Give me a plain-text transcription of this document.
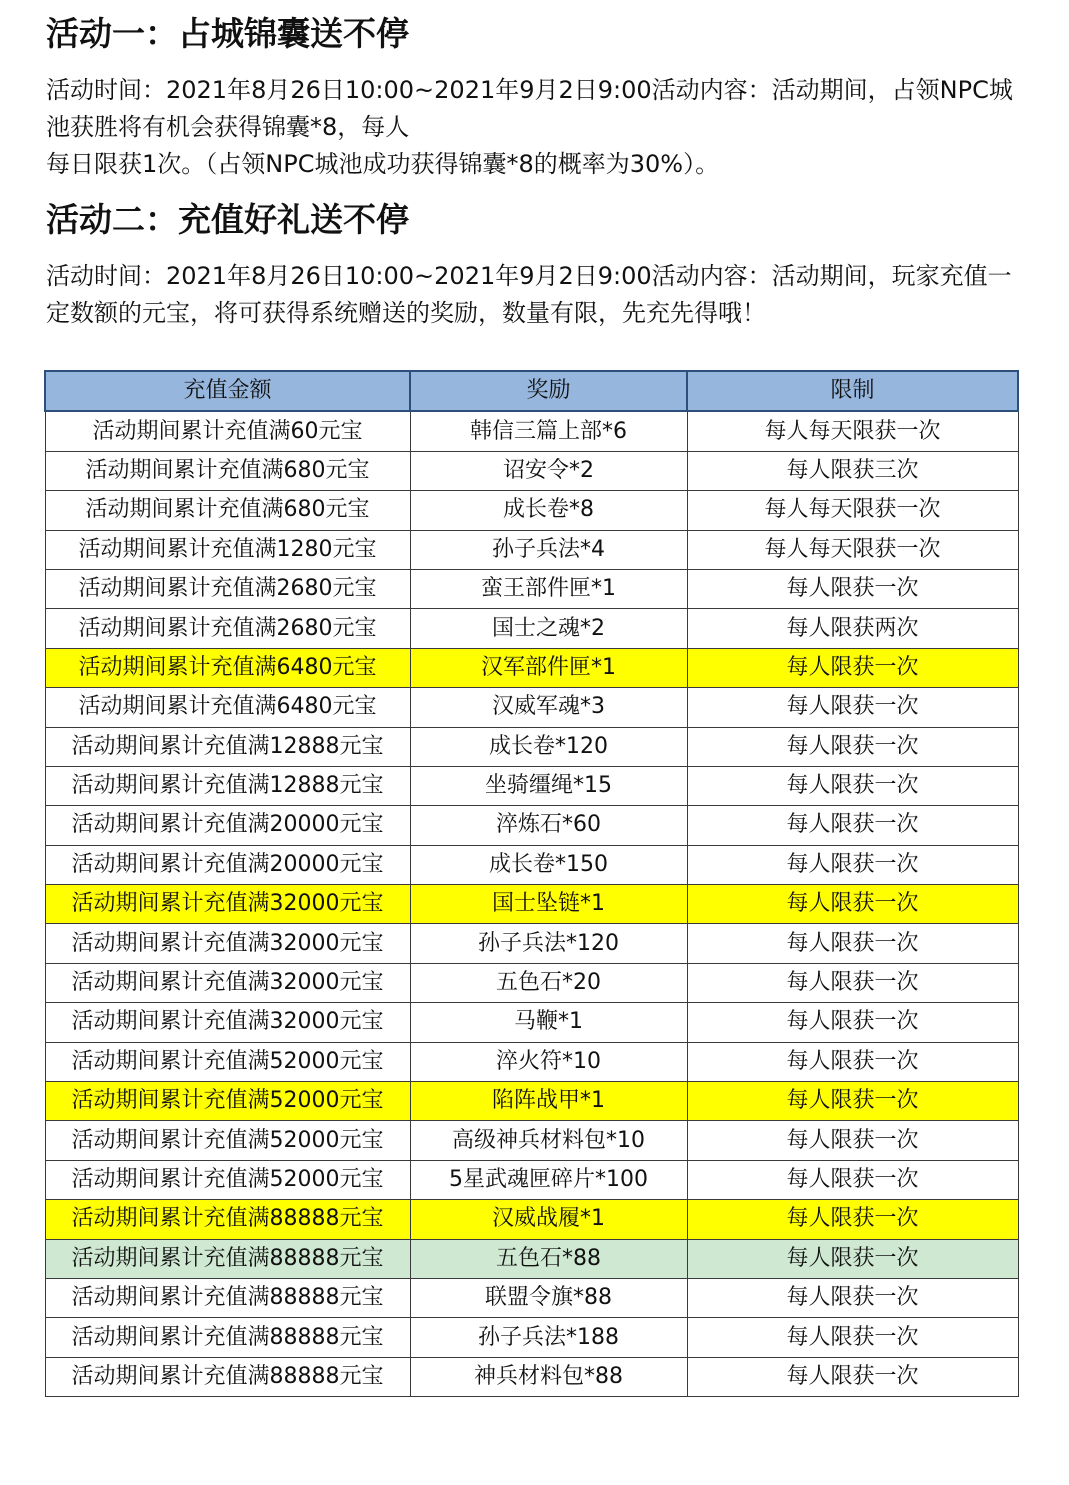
活动一：占城锦囊送不停

活动时间：2021年8月26日10:00~2021年9月2日9:00活动内容：活动期间，占领NPC城
池获胜将有机会获得锦囊*8，每人
每日限获1次。（占领NPC城池成功获得锦囊*8的概率为30%）。

活动二：充值好礼送不停

活动时间：2021年8月26日10:00~2021年9月2日9:00活动内容：活动期间，玩家充值一
定数额的元宝，将可获得系统赠送的奖励，数量有限，先充先得哦！

充值金额	奖励	限制
活动期间累计充值满60元宝	韩信三篇上部*6	每人每天限获一次
活动期间累计充值满680元宝	诏安令*2	每人限获三次
活动期间累计充值满680元宝	成长卷*8	每人每天限获一次
活动期间累计充值满1280元宝	孙子兵法*4	每人每天限获一次
活动期间累计充值满2680元宝	蛮王部件匣*1	每人限获一次
活动期间累计充值满2680元宝	国士之魂*2	每人限获两次
活动期间累计充值满6480元宝	汉军部件匣*1	每人限获一次
活动期间累计充值满6480元宝	汉威军魂*3	每人限获一次
活动期间累计充值满12888元宝	成长卷*120	每人限获一次
活动期间累计充值满12888元宝	坐骑缰绳*15	每人限获一次
活动期间累计充值满20000元宝	淬炼石*60	每人限获一次
活动期间累计充值满20000元宝	成长卷*150	每人限获一次
活动期间累计充值满32000元宝	国士坠链*1	每人限获一次
活动期间累计充值满32000元宝	孙子兵法*120	每人限获一次
活动期间累计充值满32000元宝	五色石*20	每人限获一次
活动期间累计充值满32000元宝	马鞭*1	每人限获一次
活动期间累计充值满52000元宝	淬火符*10	每人限获一次
活动期间累计充值满52000元宝	陷阵战甲*1	每人限获一次
活动期间累计充值满52000元宝	高级神兵材料包*10	每人限获一次
活动期间累计充值满52000元宝	5星武魂匣碎片*100	每人限获一次
活动期间累计充值满88888元宝	汉威战履*1	每人限获一次
活动期间累计充值满88888元宝	五色石*88	每人限获一次
活动期间累计充值满88888元宝	联盟令旗*88	每人限获一次
活动期间累计充值满88888元宝	孙子兵法*188	每人限获一次
活动期间累计充值满88888元宝	神兵材料包*88	每人限获一次
